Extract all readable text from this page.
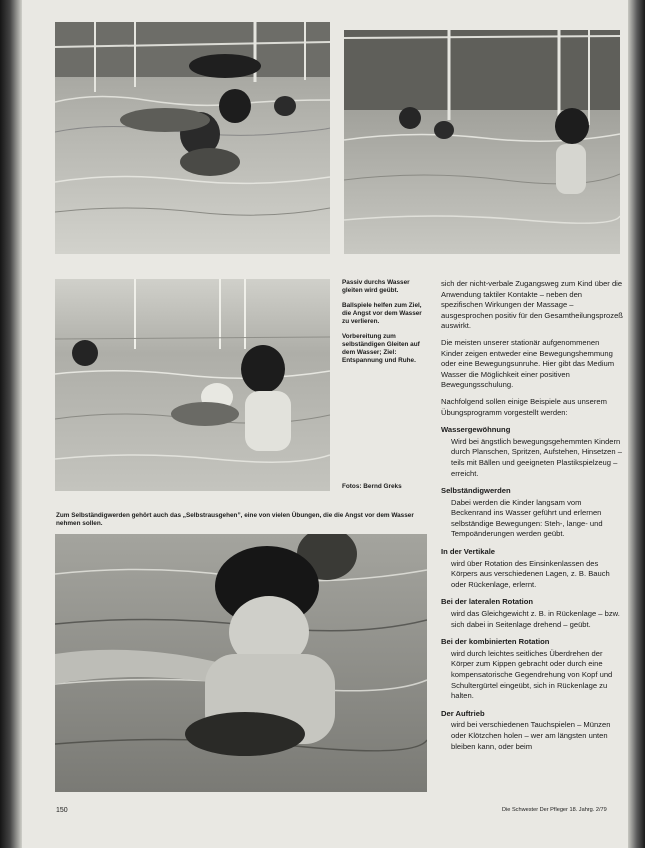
Passiv durchs Wasser gleiten wird geübt.

Ballspiele helfen zum Ziel, die Angst vor dem Wasser zu verlieren.

Vorbereitung zum selbständigen Gleiten auf dem Wasser; Ziel: Entspannung und Ruhe.

Fotos: Bernd Greks
Zum Selbständigwerden gehört auch das „Selbstrausgehen”, eine von vielen Übungen, die die Angst vor dem Wasser nehmen sollen.

sich der nicht-verbale Zugangsweg zum Kind über die Anwendung taktiler Kontakte – neben den spezifischen Wirkungen der Massage – ausgesprochen positiv für den Gesamtheilungsprozeß auswirkt.

Die meisten unserer stationär aufgenommenen Kinder zeigen entweder eine Bewegungshemmung oder eine Bewegungsunruhe. Hier gibt das Medium Wasser die Möglichkeit einer positiven Bewegungsschulung.

Nachfolgend sollen einige Beispiele aus unserem Übungsprogramm vorgestellt werden:

Wassergewöhnung

Wird bei ängstlich bewegungsgehemmten Kindern durch Planschen, Spritzen, Aufstehen, Hinsetzen – teils mit Bällen und geeigneten Plastikspielzeug – erreicht.

Selbständigwerden

Dabei werden die Kinder langsam vom Beckenrand ins Wasser geführt und erlernen selbständige Bewegungen: Steh-, lange- und Tempoänderungen werden geübt.

In der Vertikale

wird über Rotation des Einsinkenlassen des Körpers aus verschiedenen Lagen, z. B. Bauch oder Rückenlage, erlernt.

Bei der lateralen Rotation

wird das Gleichgewicht z. B. in Rückenlage – bzw. sich dabei in Seitenlage drehend – geübt.

Bei der kombinierten Rotation

wird durch leichtes seitliches Überdrehen der Körper zum Kippen gebracht oder durch eine kompensatorische Gegendrehung von Kopf und Schultergürtel eingeübt, sich in Rückenlage zu halten.

Der Auftrieb

wird bei verschiedenen Tauchspielen – Münzen oder Klötzchen holen – wer am längsten unten bleiben kann, oder beim

150	Die Schwester Der Pfleger 18. Jahrg. 2/79
